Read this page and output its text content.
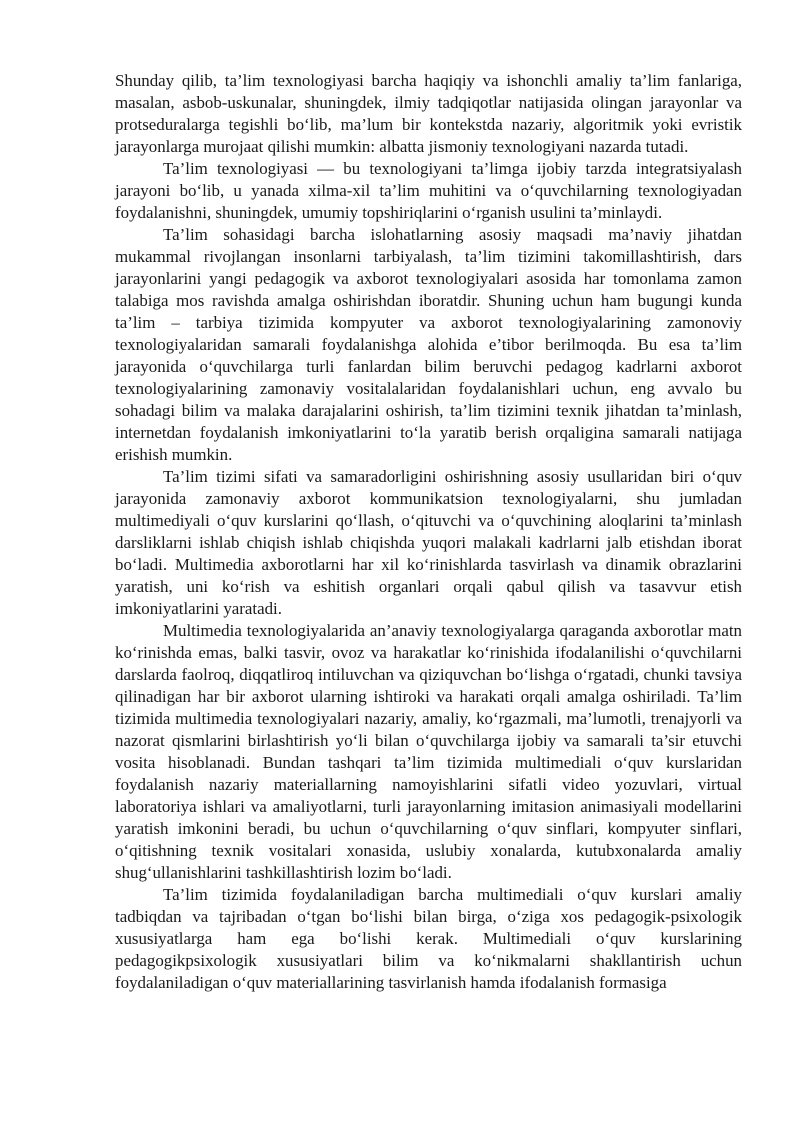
Shunday qilib, ta’lim texnologiyasi barcha haqiqiy va ishonchli amaliy ta’lim fanlariga, masalan, asbob-uskunalar, shuningdek, ilmiy tadqiqotlar natijasida olingan jarayonlar va protseduralarga tegishli bo‘lib, ma’lum bir kontekstda nazariy, algoritmik yoki evristik jarayonlarga murojaat qilishi mumkin: albatta jismoniy texnologiyani nazarda tutadi.

Ta’lim texnologiyasi — bu texnologiyani ta’limga ijobiy tarzda integratsiyalash jarayoni bo‘lib, u yanada xilma-xil ta’lim muhitini va o‘quvchilarning texnologiyadan foydalanishni, shuningdek, umumiy topshiriqlarini o‘rganish usulini ta’minlaydi.

Ta’lim sohasidagi barcha islohatlarning asosiy maqsadi ma’naviy jihatdan mukammal rivojlangan insonlarni tarbiyalash, ta’lim tizimini takomillashtirish, dars jarayonlarini yangi pedagogik va axborot texnologiyalari asosida har tomonlama zamon talabiga mos ravishda amalga oshirishdan iboratdir. Shuning uchun ham bugungi kunda ta’lim – tarbiya tizimida kompyuter va axborot texnologiyalarining zamonoviy texnologiyalaridan samarali foydalanishga alohida e’tibor berilmoqda. Bu esa ta’lim jarayonida o‘quvchilarga turli fanlardan bilim beruvchi pedagog kadrlarni axborot texnologiyalarining zamonaviy vositalalaridan foydalanishlari uchun, eng avvalo bu sohadagi bilim va malaka darajalarini oshirish, ta’lim tizimini texnik jihatdan ta’minlash, internetdan foydalanish imkoniyatlarini to‘la yaratib berish orqaligina samarali natijaga erishish mumkin.

Ta’lim tizimi sifati va samaradorligini oshirishning asosiy usullaridan biri o‘quv jarayonida zamonaviy axborot kommunikatsion texnologiyalarni, shu jumladan multimediyali o‘quv kurslarini qo‘llash, o‘qituvchi va o‘quvchining aloqlarini ta’minlash darsliklarni ishlab chiqish ishlab chiqishda yuqori malakali kadrlarni jalb etishdan iborat bo‘ladi. Multimedia axborotlarni har xil ko‘rinishlarda tasvirlash va dinamik obrazlarini yaratish, uni ko‘rish va eshitish organlari orqali qabul qilish va tasavvur etish imkoniyatlarini yaratadi.

Multimedia texnologiyalarida an’anaviy texnologiyalarga qaraganda axborotlar matn ko‘rinishda emas, balki tasvir, ovoz va harakatlar ko‘rinishida ifodalanilishi o‘quvchilarni darslarda faolroq, diqqatliroq intiluvchan va qiziquvchan bo‘lishga o‘rgatadi, chunki tavsiya qilinadigan har bir axborot ularning ishtiroki va harakati orqali amalga oshiriladi. Ta’lim tizimida multimedia texnologiyalari nazariy, amaliy, ko‘rgazmali, ma’lumotli, trenajyorli va nazorat qismlarini birlashtirish yo‘li bilan o‘quvchilarga ijobiy va samarali ta’sir etuvchi vosita hisoblanadi. Bundan tashqari ta’lim tizimida multimediali o‘quv kurslaridan foydalanish nazariy materiallarning namoyishlarini sifatli video yozuvlari, virtual laboratoriya ishlari va amaliyotlarni, turli jarayonlarning imitasion animasiyali modellarini yaratish imkonini beradi, bu uchun o‘quvchilarning o‘quv sinflari, kompyuter sinflari, o‘qitishning texnik vositalari xonasida, uslubiy xonalarda, kutubxonalarda amaliy shug‘ullanishlarini tashkillashtirish lozim bo‘ladi.

Ta’lim tizimida foydalaniladigan barcha multimediali o‘quv kurslari amaliy tadbiqdan va tajribadan o‘tgan bo‘lishi bilan birga, o‘ziga xos pedagogik-psixologik xususiyatlarga ham ega bo‘lishi kerak. Multimediali o‘quv kurslarining pedagogikpsixologik xususiyatlari bilim va ko‘nikmalarni shakllantirish uchun foydalaniladigan o‘quv materiallarining tasvirlanish hamda ifodalanish formasiga
